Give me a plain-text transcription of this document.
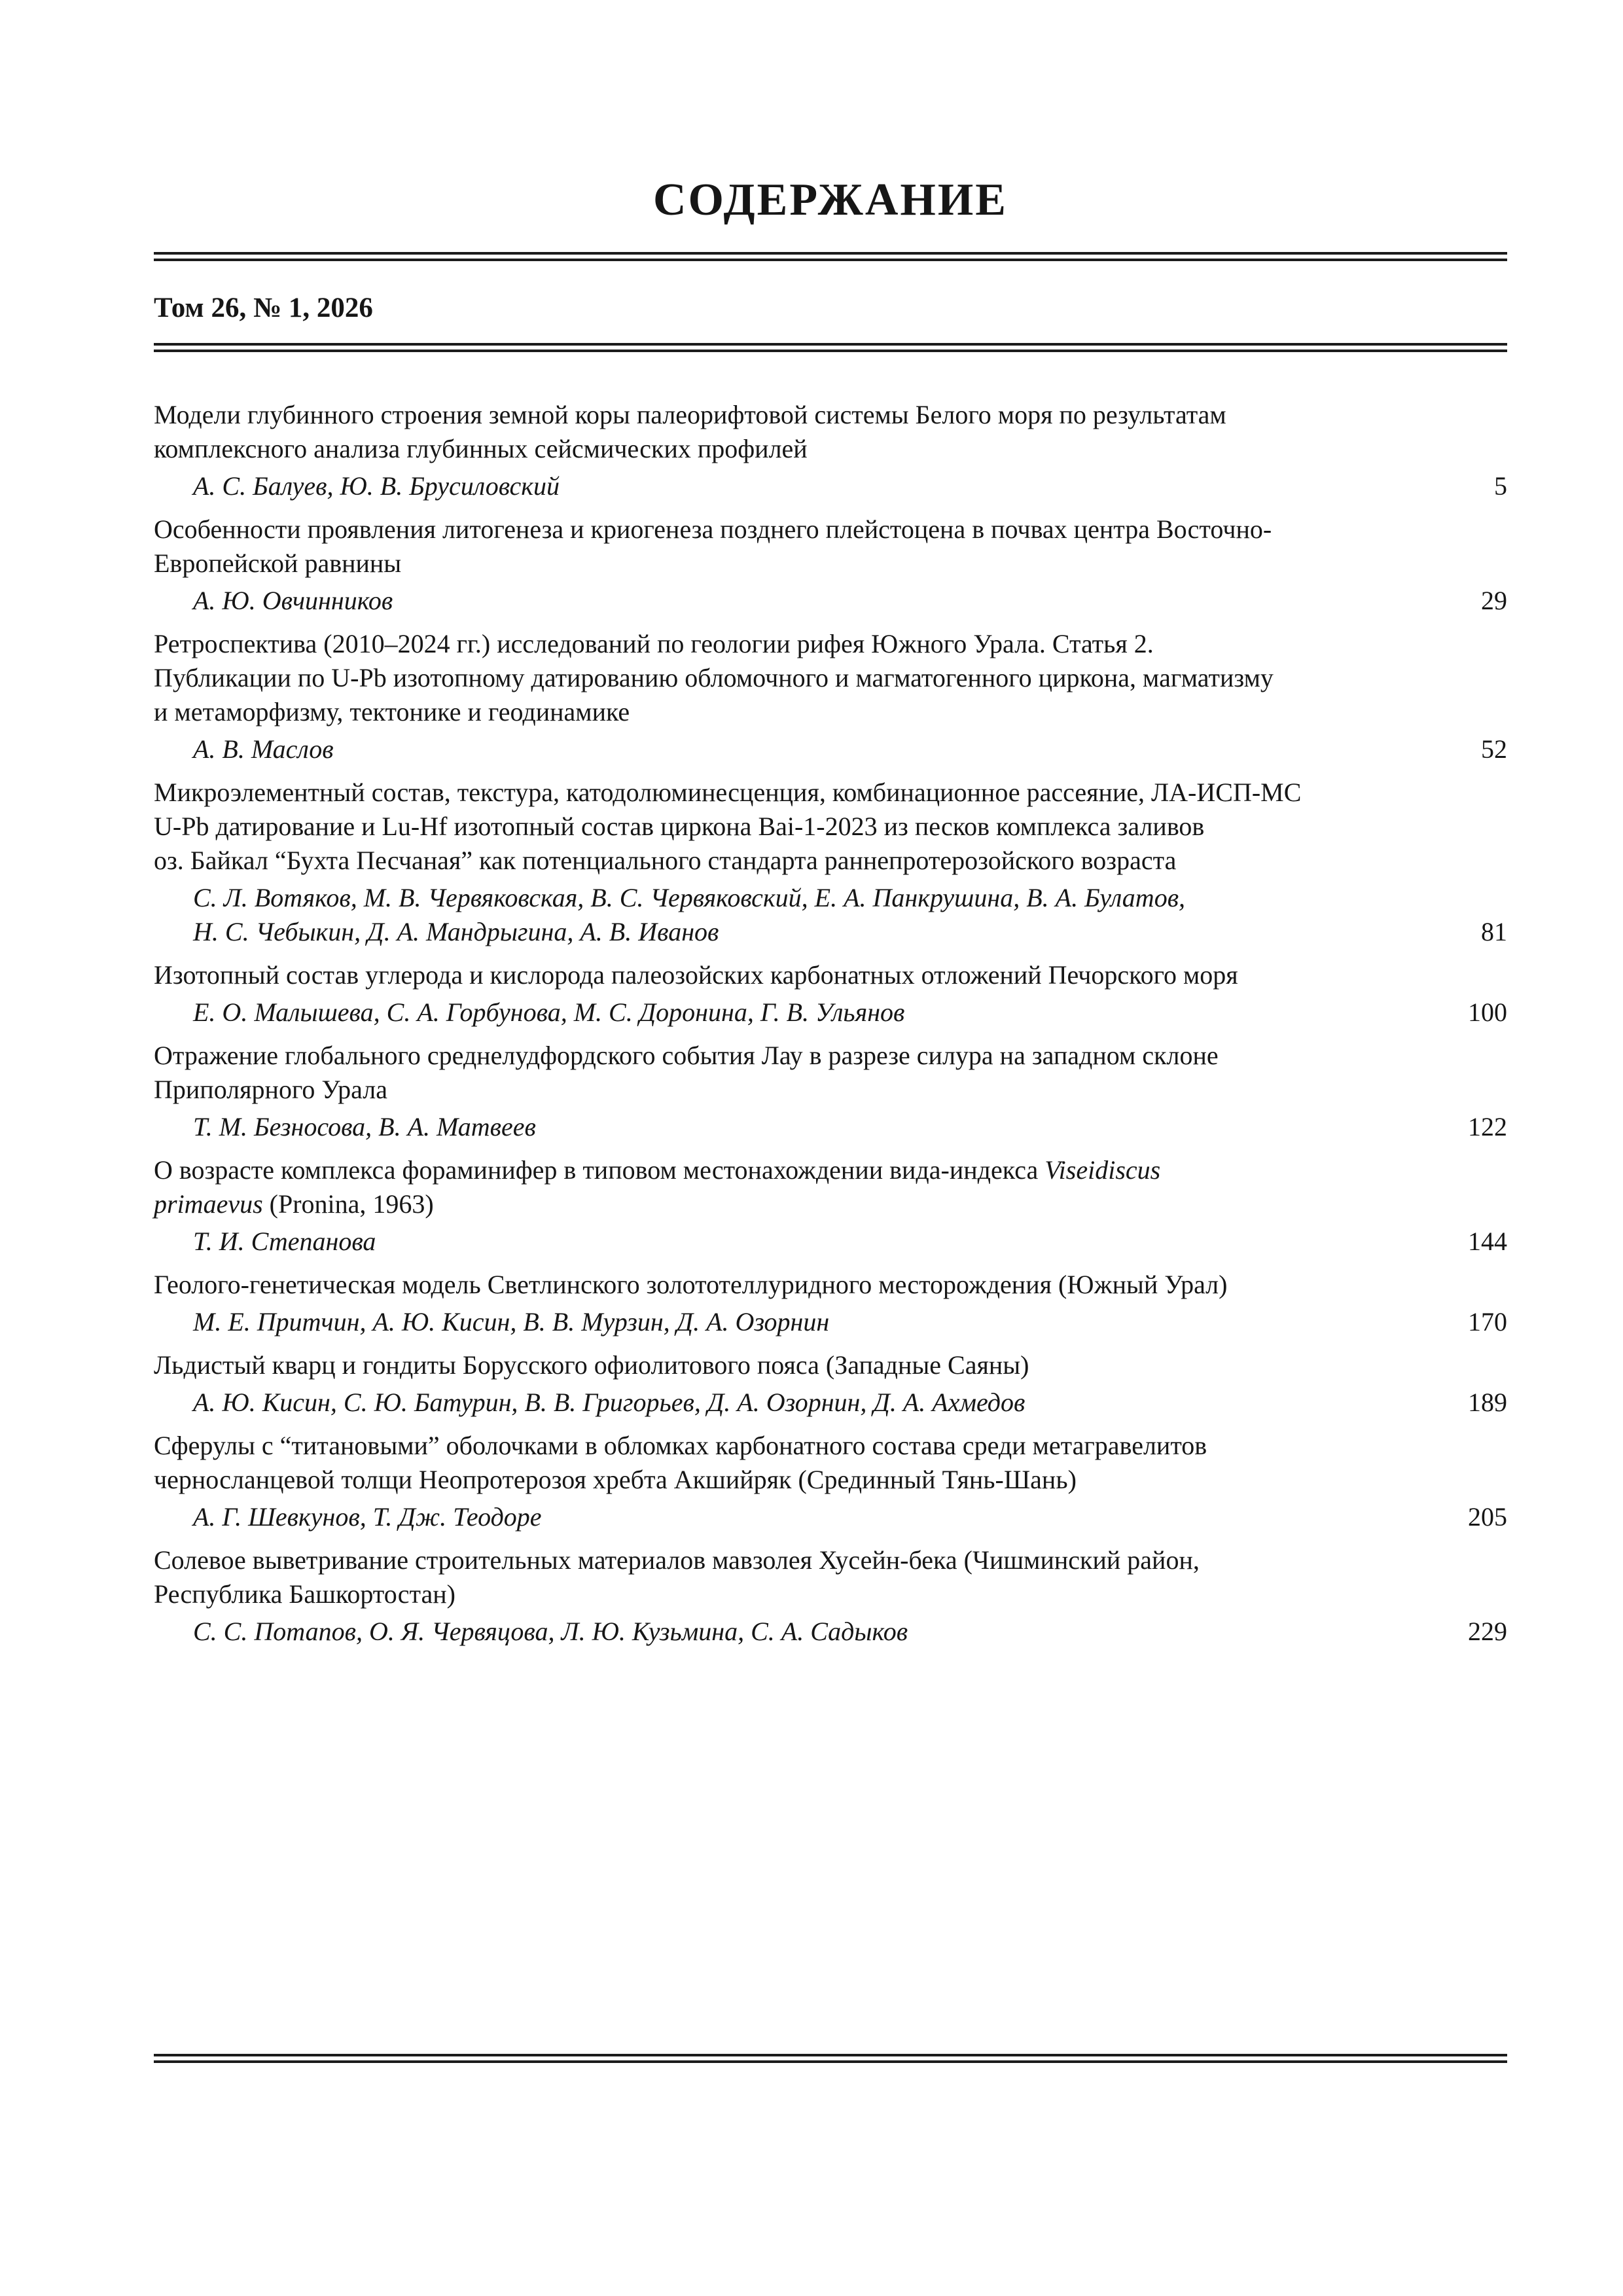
СОДЕРЖАНИЕ
Том 26, № 1, 2026
Модели глубинного строения земной коры палеорифтовой системы Белого моря по результатам
комплексного анализа глубинных сейсмических профилей
А. С. Балуев, Ю. В. Брусиловский	5
Особенности проявления литогенеза и криогенеза позднего плейстоцена в почвах центра Восточно-
Европейской равнины
А. Ю. Овчинников	29
Ретроспектива (2010–2024 гг.) исследований по геологии рифея Южного Урала. Статья 2.
Публикации по U-Pb изотопному датированию обломочного и магматогенного циркона, магматизму
и метаморфизму, тектонике и геодинамике
А. В. Маслов	52
Микроэлементный состав, текстура, катодолюминесценция, комбинационное рассеяние, ЛА-ИСП-МС
U-Pb датирование и Lu-Hf изотопный состав циркона Bai-1-2023 из песков комплекса заливов
оз. Байкал “Бухта Песчаная” как потенциального стандарта раннепротерозойского возраста
С. Л. Вотяков, М. В. Червяковская, В. С. Червяковский, Е. А. Панкрушина, В. А. Булатов,
Н. С. Чебыкин, Д. А. Мандрыгина, А. В. Иванов	81
Изотопный состав углерода и кислорода палеозойских карбонатных отложений Печорского моря
Е. О. Малышева, С. А. Горбунова, М. С. Доронина, Г. В. Ульянов	100
Отражение глобального среднелудфордского события Лау в разрезе силура на западном склоне
Приполярного Урала
Т. М. Безносова, В. А. Матвеев	122
О возрасте комплекса фораминифер в типовом местонахождении вида-индекса Viseidiscus
primaevus (Pronina, 1963)
Т. И. Степанова	144
Геолого-генетическая модель Светлинского золототеллуридного месторождения (Южный Урал)
М. Е. Притчин, А. Ю. Кисин, В. В. Мурзин, Д. А. Озорнин	170
Льдистый кварц и гондиты Борусского офиолитового пояса (Западные Саяны)
А. Ю. Кисин, С. Ю. Батурин, В. В. Григорьев, Д. А. Озорнин, Д. А. Ахмедов	189
Сферулы с “титановыми” оболочками в обломках карбонатного состава среди метагравелитов
черносланцевой толщи Неопротерозоя хребта Акшийряк (Срединный Тянь-Шань)
А. Г. Шевкунов, Т. Дж. Теодоре	205
Солевое выветривание строительных материалов мавзолея Хусейн-бека (Чишминский район,
Республика Башкортостан)
С. С. Потапов, О. Я. Червяцова, Л. Ю. Кузьмина, С. А. Садыков	229
